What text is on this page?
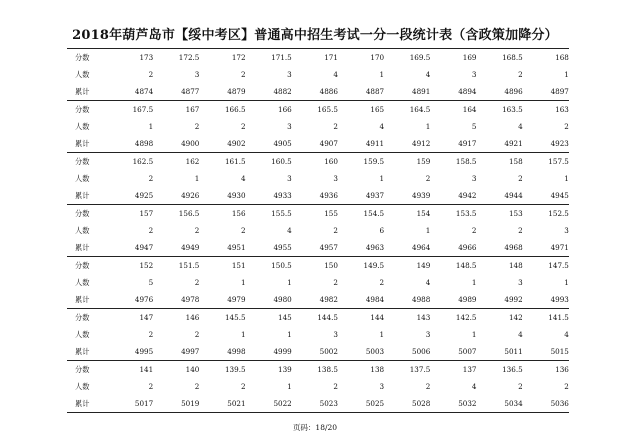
2018年葫芦岛市【绥中考区】普通高中招生考试一分一段统计表（含政策加降分）
分数	173	172.5	172	171.5	171	170	169.5	169	168.5	168
人数	2	3	2	3	4	1	4	3	2	1
累计	4874	4877	4879	4882	4886	4887	4891	4894	4896	4897
分数	167.5	167	166.5	166	165.5	165	164.5	164	163.5	163
人数	1	2	2	3	2	4	1	5	4	2
累计	4898	4900	4902	4905	4907	4911	4912	4917	4921	4923
分数	162.5	162	161.5	160.5	160	159.5	159	158.5	158	157.5
人数	2	1	4	3	3	1	2	3	2	1
累计	4925	4926	4930	4933	4936	4937	4939	4942	4944	4945
分数	157	156.5	156	155.5	155	154.5	154	153.5	153	152.5
人数	2	2	2	4	2	6	1	2	2	3
累计	4947	4949	4951	4955	4957	4963	4964	4966	4968	4971
分数	152	151.5	151	150.5	150	149.5	149	148.5	148	147.5
人数	5	2	1	1	2	2	4	1	3	1
累计	4976	4978	4979	4980	4982	4984	4988	4989	4992	4993
分数	147	146	145.5	145	144.5	144	143	142.5	142	141.5
人数	2	2	1	1	3	1	3	1	4	4
累计	4995	4997	4998	4999	5002	5003	5006	5007	5011	5015
分数	141	140	139.5	139	138.5	138	137.5	137	136.5	136
人数	2	2	2	1	2	3	2	4	2	2
累计	5017	5019	5021	5022	5023	5025	5028	5032	5034	5036
页码：18/20
